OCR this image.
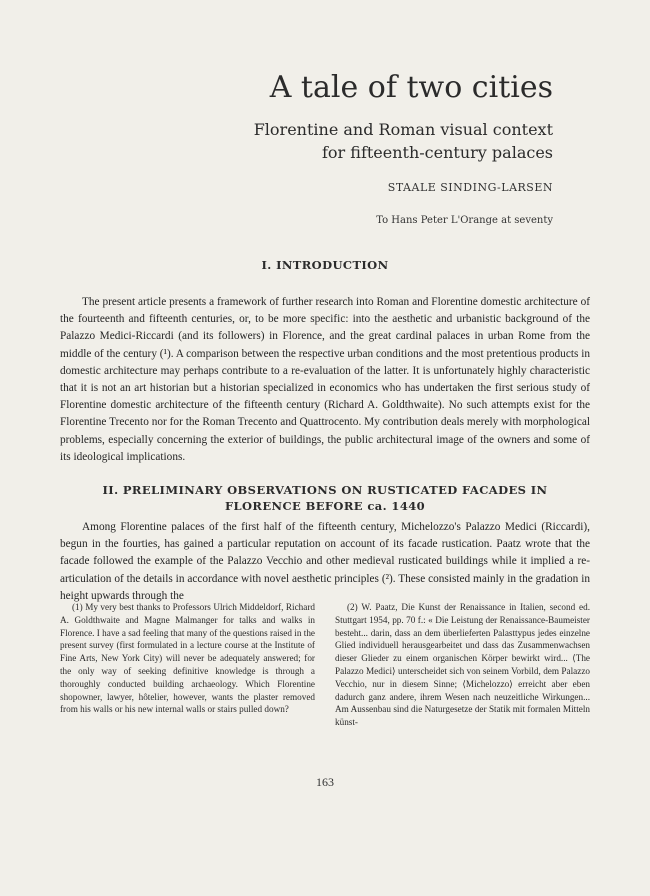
A tale of two cities
Florentine and Roman visual context
for fifteenth-century palaces
STAALE SINDING-LARSEN
To Hans Peter L'Orange at seventy
I. INTRODUCTION

The present article presents a framework of further research into Roman and Florentine domestic architecture of the fourteenth and fifteenth centuries, or, to be more specific: into the aesthetic and urbanistic background of the Palazzo Medici-Riccardi (and its followers) in Florence, and the great cardinal palaces in urban Rome from the middle of the century (¹). A comparison between the respective urban conditions and the most pretentious products in domestic architecture may perhaps contribute to a re-evaluation of the latter. It is unfortunately highly characteristic that it is not an art historian but a historian specialized in economics who has undertaken the first serious study of Florentine domestic architecture of the fifteenth century (Richard A. Goldthwaite). No such attempts exist for the Florentine Trecento nor for the Roman Trecento and Quattrocento. My contribution deals merely with morphological problems, especially concerning the exterior of buildings, the public architectural image of the owners and some of its ideological implications.

II. PRELIMINARY OBSERVATIONS ON RUSTICATED FACADES IN
FLORENCE BEFORE ca. 1440

Among Florentine palaces of the first half of the fifteenth century, Michelozzo's Palazzo Medici (Riccardi), begun in the fourties, has gained a particular reputation on account of its facade rustication. Paatz wrote that the facade followed the example of the Palazzo Vecchio and other medieval rusticated buildings while it implied a re-articulation of the details in accordance with novel aesthetic principles (²). These consisted mainly in the gradation in height upwards through the

(1) My very best thanks to Professors Ulrich Middeldorf, Richard A. Goldthwaite and Magne Malmanger for talks and walks in Florence. I have a sad feeling that many of the questions raised in the present survey (first formulated in a lecture course at the Institute of Fine Arts, New York City) will never be adequately answered; for the only way of seeking definitive knowledge is through a thoroughly conducted building archaeology. Which Florentine shopowner, lawyer, hôtelier, however, wants the plaster removed from his walls or his new internal walls or stairs pulled down?

(2) W. Paatz, Die Kunst der Renaissance in Italien, second ed. Stuttgart 1954, pp. 70 f.: « Die Leistung der Renaissance-Baumeister besteht... darin, dass an dem überlieferten Palasttypus jedes einzelne Glied individuell herausgearbeitet und dass das Zusammenwachsen dieser Glieder zu einem organischen Körper bewirkt wird... ⟨The Palazzo Medici⟩ unterscheidet sich von seinem Vorbild, dem Palazzo Vecchio, nur in diesem Sinne; ⟨Michelozzo⟩ erreicht aber eben dadurch ganz andere, ihrem Wesen nach neuzeitliche Wirkungen... Am Aussenbau sind die Naturgesetze der Statik mit formalen Mitteln künst-

163
